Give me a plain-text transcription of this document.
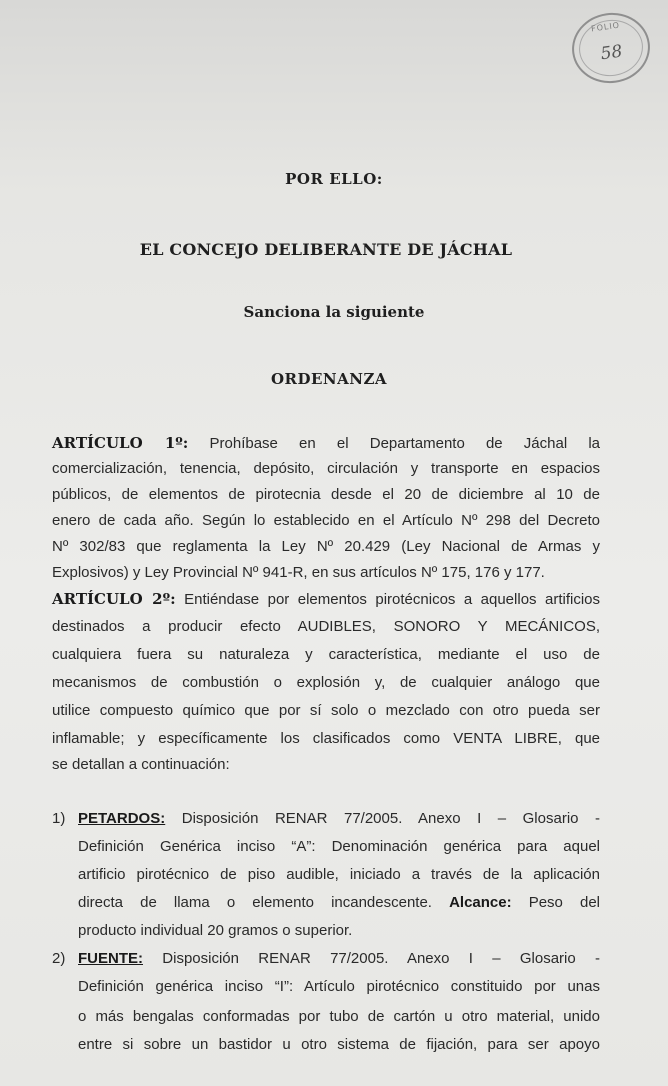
FOLIO
58
POR ELLO:
EL CONCEJO DELIBERANTE DE JÁCHAL
Sanciona la siguiente
ORDENANZA
ARTÍCULO 1º: Prohíbase en el Departamento de Jáchal la
comercialización, tenencia, depósito, circulación y transporte en espacios
públicos, de elementos de pirotecnia desde el 20 de diciembre al 10 de
enero de cada año. Según lo establecido en el Artículo Nº 298 del Decreto
Nº 302/83 que reglamenta la Ley Nº 20.429 (Ley Nacional de Armas y
Explosivos) y Ley Provincial Nº 941-R, en sus artículos Nº 175, 176 y 177.
ARTÍCULO 2º: Entiéndase por elementos pirotécnicos a aquellos artificios
destinados a producir efecto AUDIBLES, SONORO Y MECÁNICOS,
cualquiera fuera su naturaleza y característica, mediante el uso de
mecanismos de combustión o explosión y, de cualquier análogo que
utilice compuesto químico que por sí solo o mezclado con otro pueda ser
inflamable; y específicamente los clasificados como VENTA LIBRE, que
se detallan a continuación:
1) PETARDOS: Disposición RENAR 77/2005. Anexo I – Glosario -
Definición Genérica inciso “A”: Denominación genérica para aquel
artificio pirotécnico de piso audible, iniciado a través de la aplicación
directa de llama o elemento incandescente. Alcance: Peso del
producto individual 20 gramos o superior.
2) FUENTE: Disposición RENAR 77/2005. Anexo I – Glosario -
Definición genérica inciso “I”: Artículo pirotécnico constituido por unas
o más bengalas conformadas por tubo de cartón u otro material, unido
entre si sobre un bastidor u otro sistema de fijación, para ser apoyo
